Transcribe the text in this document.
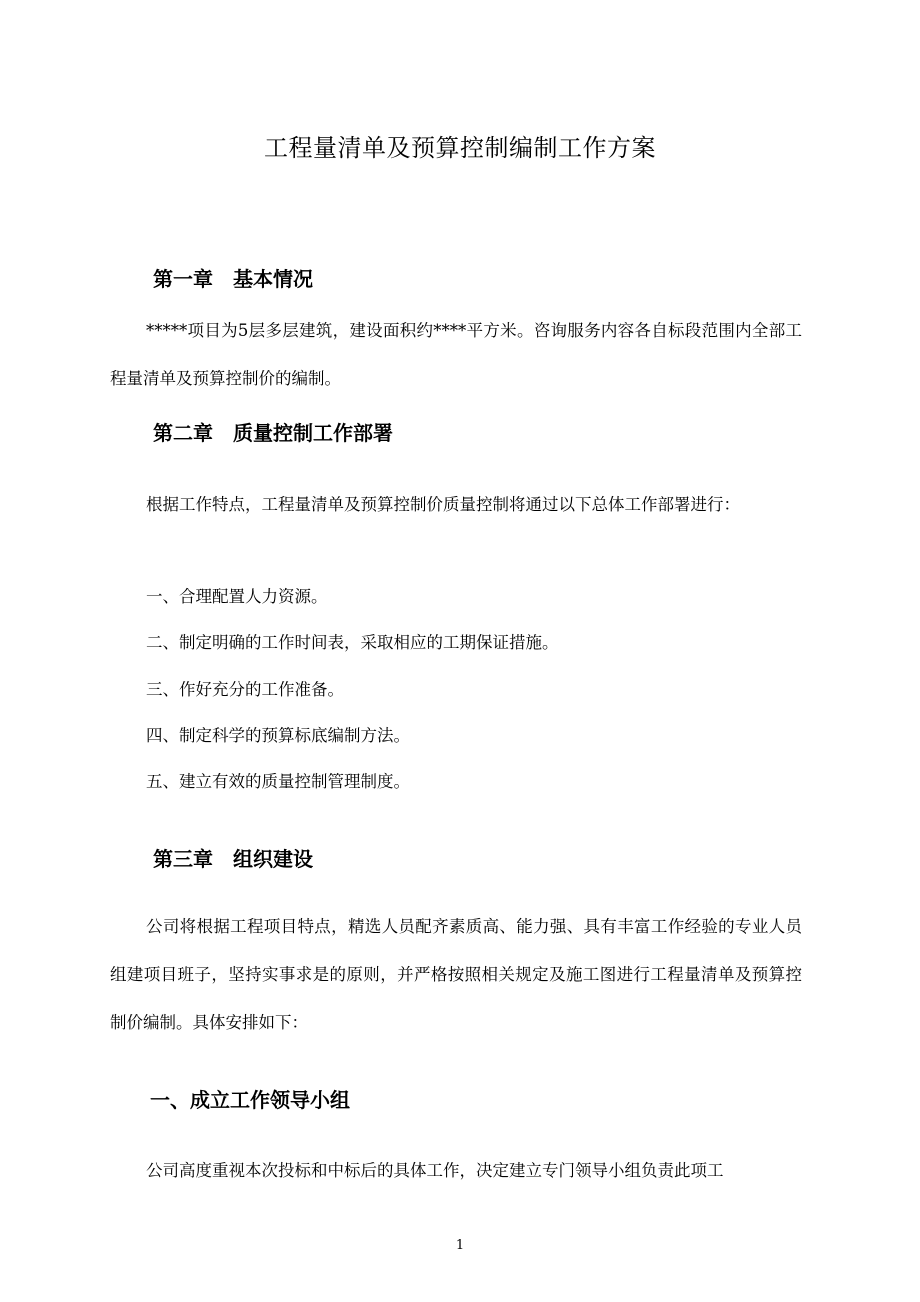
工程量清单及预算控制编制工作方案
第一章　基本情况
*****项目为5层多层建筑，建设面积约****平方米。咨询服务内容各自标段范围内全部工程量清单及预算控制价的编制。
第二章　质量控制工作部署
根据工作特点，工程量清单及预算控制价质量控制将通过以下总体工作部署进行：
一、合理配置人力资源。
二、制定明确的工作时间表，采取相应的工期保证措施。
三、作好充分的工作准备。
四、制定科学的预算标底编制方法。
五、建立有效的质量控制管理制度。
第三章　组织建设
公司将根据工程项目特点，精选人员配齐素质高、能力强、具有丰富工作经验的专业人员组建项目班子，坚持实事求是的原则，并严格按照相关规定及施工图进行工程量清单及预算控制价编制。具体安排如下：
一、成立工作领导小组
公司高度重视本次投标和中标后的具体工作，决定建立专门领导小组负责此项工
1
